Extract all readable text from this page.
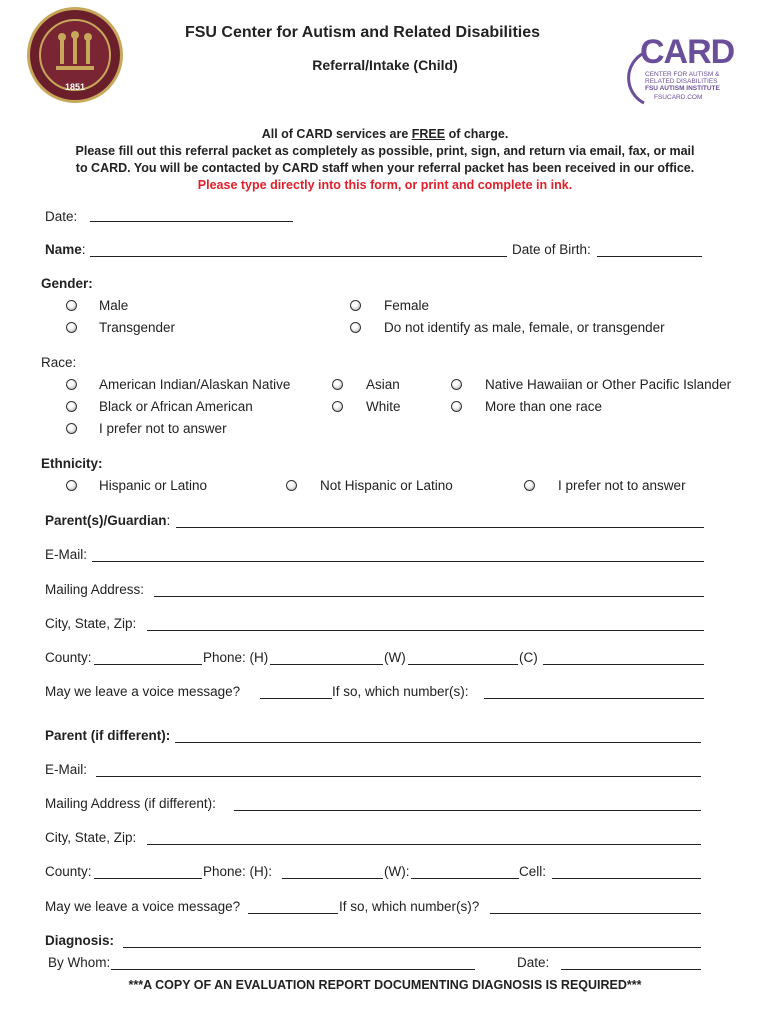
1851
CARD
CENTER FOR AUTISM &
RELATED DISABILITIES
FSU AUTISM INSTITUTE
FSUCARD.COM
FSU Center for Autism and Related Disabilities
Referral/Intake (Child)
All of CARD services are FREE of charge.
Please fill out this referral packet as completely as possible, print, sign, and return via email, fax, or mail
to CARD. You will be contacted by CARD staff when your referral packet has been received in our office.
Please type directly into this form, or print and complete in ink.
Date:
Name:	Date of Birth:
Gender:
Male	Female
Transgender	Do not identify as male, female, or transgender
Race:
American Indian/Alaskan Native	Asian	Native Hawaiian or Other Pacific Islander
Black or African American	White	More than one race
I prefer not to answer
Ethnicity:
Hispanic or Latino	Not Hispanic or Latino	I prefer not to answer
Parent(s)/Guardian:
E-Mail:
Mailing Address:
City, State, Zip:
County:	Phone: (H)	(W)	(C)
May we leave a voice message?	If so, which number(s):
Parent (if different):
E-Mail:
Mailing Address (if different):
City, State, Zip:
County:	Phone: (H):	(W):	Cell:
May we leave a voice message?	If so, which number(s)?
Diagnosis:
By Whom:	Date:
***A COPY OF AN EVALUATION REPORT DOCUMENTING DIAGNOSIS IS REQUIRED***
